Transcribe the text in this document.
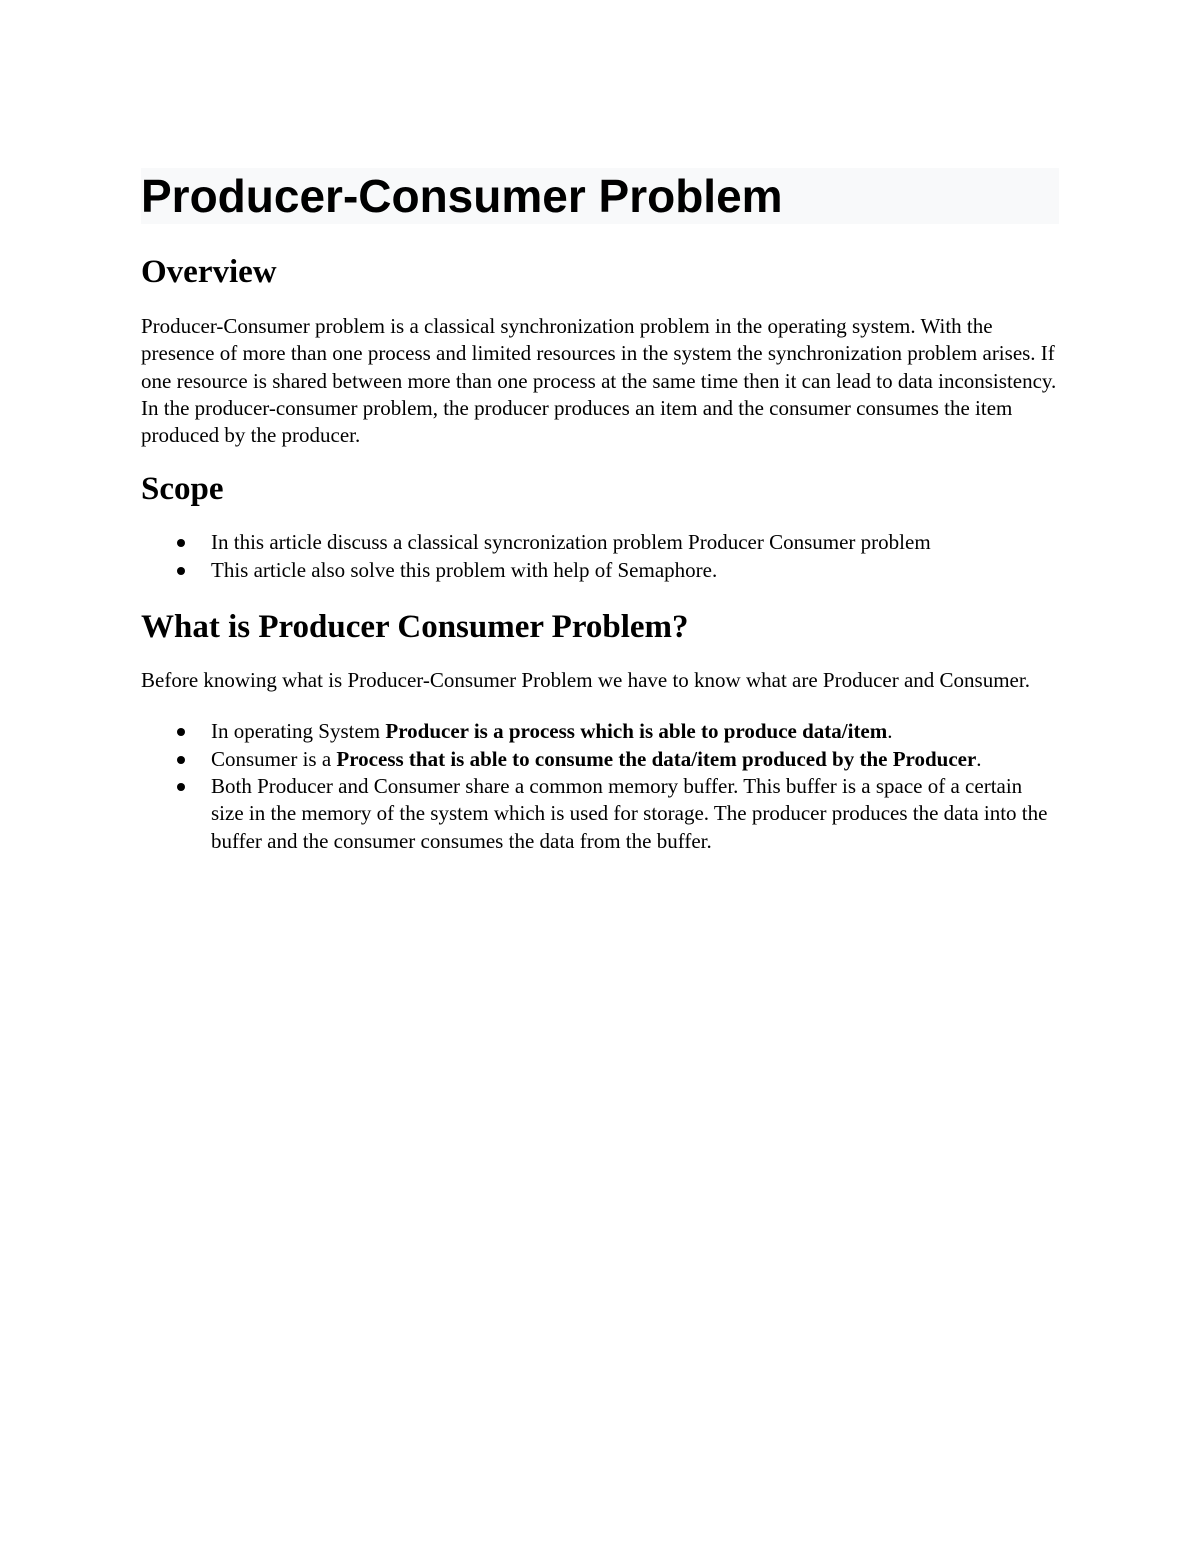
Producer-Consumer Problem
Overview

Producer-Consumer problem is a classical synchronization problem in the operating system. With the presence of more than one process and limited resources in the system the synchronization problem arises. If one resource is shared between more than one process at the same time then it can lead to data inconsistency. In the producer-consumer problem, the producer produces an item and the consumer consumes the item produced by the producer.

Scope
In this article discuss a classical syncronization problem Producer Consumer problem
This article also solve this problem with help of Semaphore.
What is Producer Consumer Problem?

Before knowing what is Producer-Consumer Problem we have to know what are Producer and Consumer.

In operating System Producer is a process which is able to produce data/item.
Consumer is a Process that is able to consume the data/item produced by the Producer.
Both Producer and Consumer share a common memory buffer. This buffer is a space of a certain size in the memory of the system which is used for storage. The producer produces the data into the buffer and the consumer consumes the data from the buffer.
